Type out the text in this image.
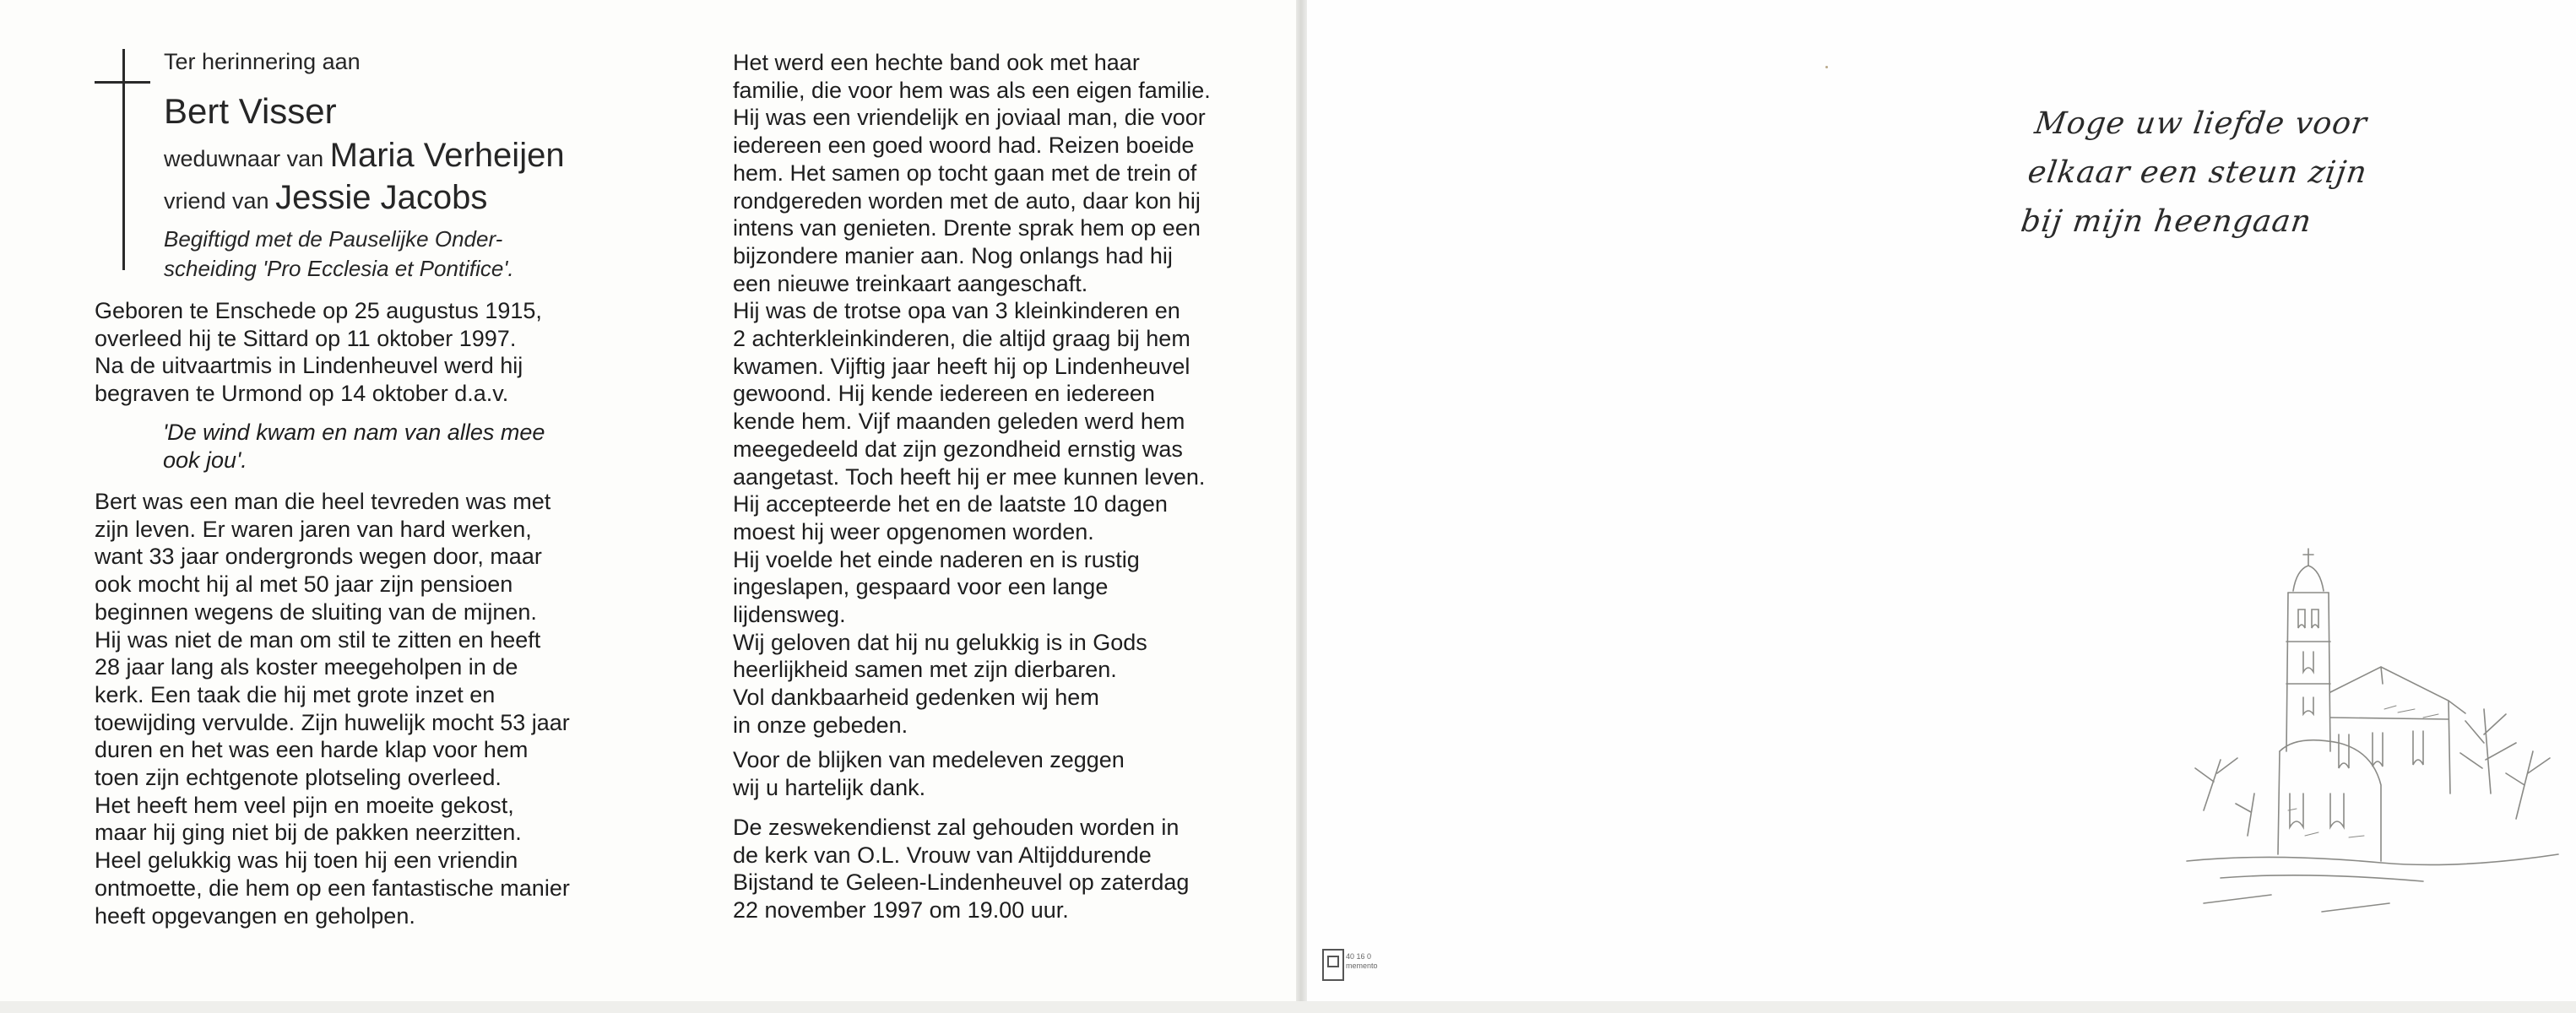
Ter herinnering aan
Bert Visser
weduwnaar van Maria Verheijen
vriend van Jessie Jacobs
Begiftigd met de Pauselijke Onder-
scheiding 'Pro Ecclesia et Pontifice'.
Geboren te Enschede op 25 augustus 1915,
overleed hij te Sittard op 11 oktober 1997.
Na de uitvaartmis in Lindenheuvel werd hij
begraven te Urmond op 14 oktober d.a.v.
'De wind kwam en nam van alles mee
ook jou'.
Bert was een man die heel tevreden was met
zijn leven. Er waren jaren van hard werken,
want 33 jaar ondergronds wegen door, maar
ook mocht hij al met 50 jaar zijn pensioen
beginnen wegens de sluiting van de mijnen.
Hij was niet de man om stil te zitten en heeft
28 jaar lang als koster meegeholpen in de
kerk. Een taak die hij met grote inzet en
toewijding vervulde. Zijn huwelijk mocht 53 jaar
duren en het was een harde klap voor hem
toen zijn echtgenote plotseling overleed.
Het heeft hem veel pijn en moeite gekost,
maar hij ging niet bij de pakken neerzitten.
Heel gelukkig was hij toen hij een vriendin
ontmoette, die hem op een fantastische manier
heeft opgevangen en geholpen.
Het werd een hechte band ook met haar
familie, die voor hem was als een eigen familie.
Hij was een vriendelijk en joviaal man, die voor
iedereen een goed woord had. Reizen boeide
hem. Het samen op tocht gaan met de trein of
rondgereden worden met de auto, daar kon hij
intens van genieten. Drente sprak hem op een
bijzondere manier aan. Nog onlangs had hij
een nieuwe treinkaart aangeschaft.
Hij was de trotse opa van 3 kleinkinderen en
2 achterkleinkinderen, die altijd graag bij hem
kwamen. Vijftig jaar heeft hij op Lindenheuvel
gewoond. Hij kende iedereen en iedereen
kende hem. Vijf maanden geleden werd hem
meegedeeld dat zijn gezondheid ernstig was
aangetast. Toch heeft hij er mee kunnen leven.
Hij accepteerde het en de laatste 10 dagen
moest hij weer opgenomen worden.
Hij voelde het einde naderen en is rustig
ingeslapen, gespaard voor een lange
lijdensweg.
Wij geloven dat hij nu gelukkig is in Gods
heerlijkheid samen met zijn dierbaren.
Vol dankbaarheid gedenken wij hem
in onze gebeden.
Voor de blijken van medeleven zeggen
wij u hartelijk dank.
De zeswekendienst zal gehouden worden in
de kerk van O.L. Vrouw van Altijddurende
Bijstand te Geleen-Lindenheuvel op zaterdag
22 november 1997 om 19.00 uur.
Moge uw liefde voor
elkaar een steun zijn
bij mijn heengaan
40 16 0
memento
